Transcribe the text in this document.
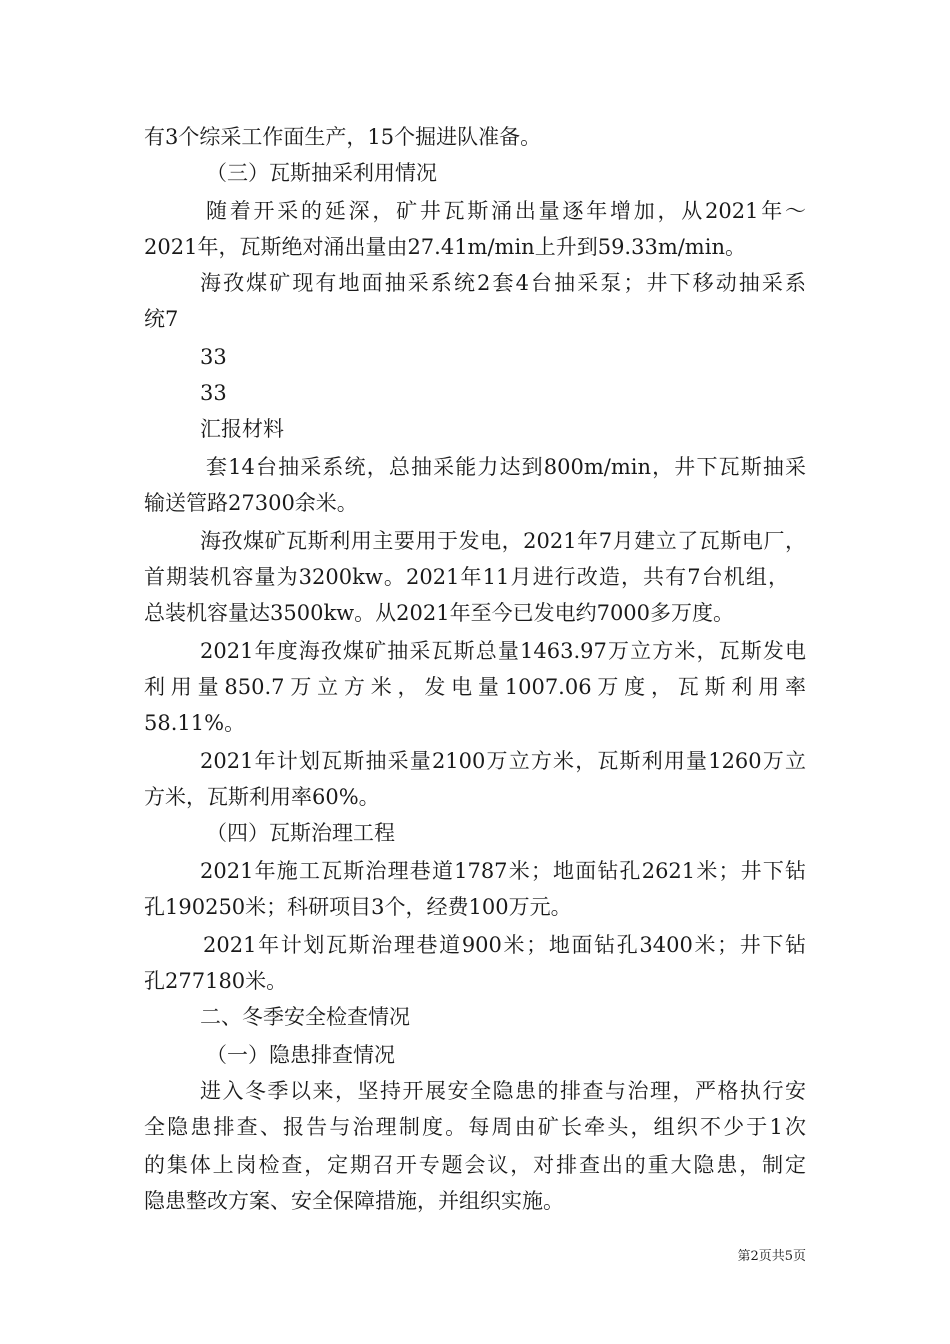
有3个综采工作面生产，15个掘进队准备。
（三）瓦斯抽采利用情况
随着开采的延深，矿井瓦斯涌出量逐年增加，从2021年～
2021年，瓦斯绝对涌出量由27.41m/min上升到59.33m/min。
海孜煤矿现有地面抽采系统2套4台抽采泵；井下移动抽采系
统7
33
33
汇报材料
套14台抽采系统，总抽采能力达到800m/min，井下瓦斯抽采
输送管路27300余米。
海孜煤矿瓦斯利用主要用于发电，2021年7月建立了瓦斯电厂，
首期装机容量为3200kw。2021年11月进行改造，共有7台机组，
总装机容量达3500kw。从2021年至今已发电约7000多万度。
2021年度海孜煤矿抽采瓦斯总量1463.97万立方米，瓦斯发电
利用量850.7万立方米，发电量1007.06万度，瓦斯利用率
58.11%。
2021年计划瓦斯抽采量2100万立方米，瓦斯利用量1260万立
方米，瓦斯利用率60%。
（四）瓦斯治理工程
2021年施工瓦斯治理巷道1787米；地面钻孔2621米；井下钻
孔190250米；科研项目3个，经费100万元。
2021年计划瓦斯治理巷道900米；地面钻孔3400米；井下钻
孔277180米。
二、冬季安全检查情况
（一）隐患排查情况
进入冬季以来，坚持开展安全隐患的排查与治理，严格执行安
全隐患排查、报告与治理制度。每周由矿长牵头，组织不少于1次
的集体上岗检查，定期召开专题会议，对排查出的重大隐患，制定
隐患整改方案、安全保障措施，并组织实施。
第2页共5页
